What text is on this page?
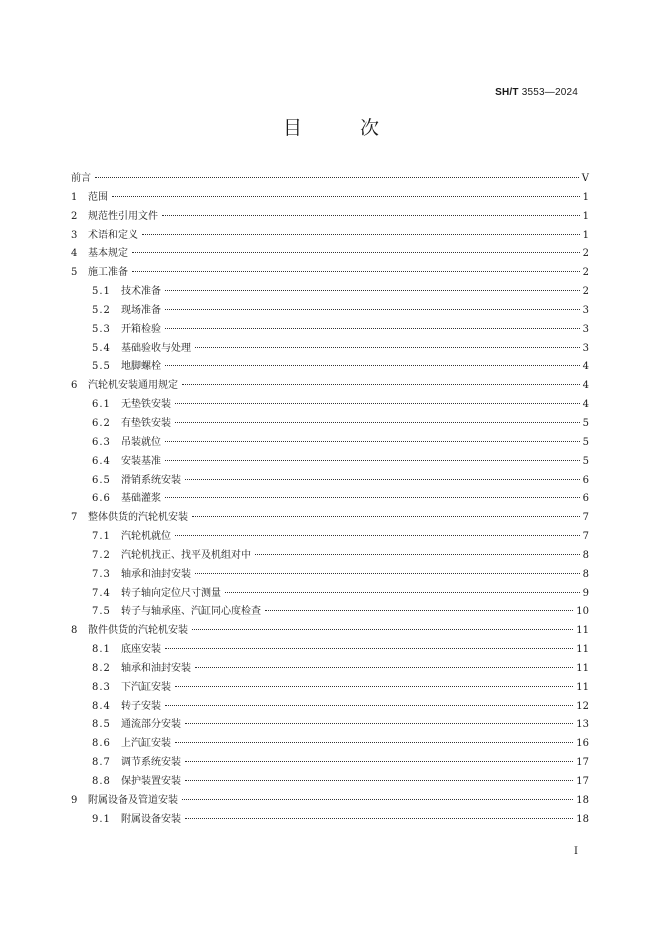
SH/T 3553—2024
目	次
前言	V
1	范围	1
2	规范性引用文件	1
3	术语和定义	1
4	基本规定	2
5	施工准备	2
5.1	技术准备	2
5.2	现场准备	3
5.3	开箱检验	3
5.4	基础验收与处理	3
5.5	地脚螺栓	4
6	汽轮机安装通用规定	4
6.1	无垫铁安装	4
6.2	有垫铁安装	5
6.3	吊装就位	5
6.4	安装基准	5
6.5	滑销系统安装	6
6.6	基础灌浆	6
7	整体供货的汽轮机安装	7
7.1	汽轮机就位	7
7.2	汽轮机找正、找平及机组对中	8
7.3	轴承和油封安装	8
7.4	转子轴向定位尺寸测量	9
7.5	转子与轴承座、汽缸同心度检查	10
8	散件供货的汽轮机安装	11
8.1	底座安装	11
8.2	轴承和油封安装	11
8.3	下汽缸安装	11
8.4	转子安装	12
8.5	通流部分安装	13
8.6	上汽缸安装	16
8.7	调节系统安装	17
8.8	保护装置安装	17
9	附属设备及管道安装	18
9.1	附属设备安装	18
I
